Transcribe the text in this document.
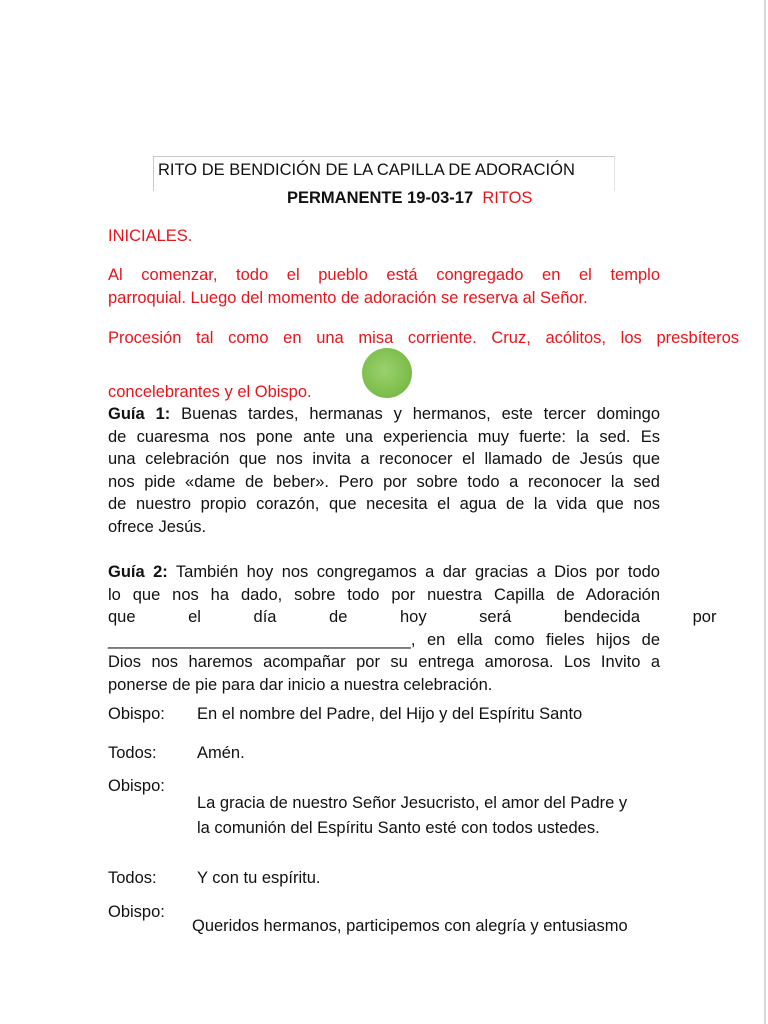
RITO DE BENDICIÓN DE LA CAPILLA DE ADORACIÓN
PERMANENTE 19-03-17 RITOS
INICIALES.
Al comenzar, todo el pueblo está congregado en el templo
parroquial. Luego del momento de adoración se reserva al Señor.
Procesión tal como en una misa corriente. Cruz, acólitos, los presbíteros
concelebrantes y el Obispo.
Guía 1: Buenas tardes, hermanas y hermanos, este tercer domingo
de cuaresma nos pone ante una experiencia muy fuerte: la sed. Es
una celebración que nos invita a reconocer el llamado de Jesús que
nos pide «dame de beber». Pero por sobre todo a reconocer la sed
de nuestro propio corazón, que necesita el agua de la vida que nos
ofrece Jesús.
Guía 2: También hoy nos congregamos a dar gracias a Dios por todo
lo que nos ha dado, sobre todo por nuestra Capilla de Adoración
que el día de hoy será bendecida por
_________________________________, en ella como fieles hijos de
Dios nos haremos acompañar por su entrega amorosa. Los Invito a
ponerse de pie para dar inicio a nuestra celebración.
Obispo: En el nombre del Padre, del Hijo y del Espíritu Santo
Todos: Amén.
Obispo:
La gracia de nuestro Señor Jesucristo, el amor del Padre y
la comunión del Espíritu Santo esté con todos ustedes.
Todos: Y con tu espíritu.
Obispo:
Queridos hermanos, participemos con alegría y entusiasmo
